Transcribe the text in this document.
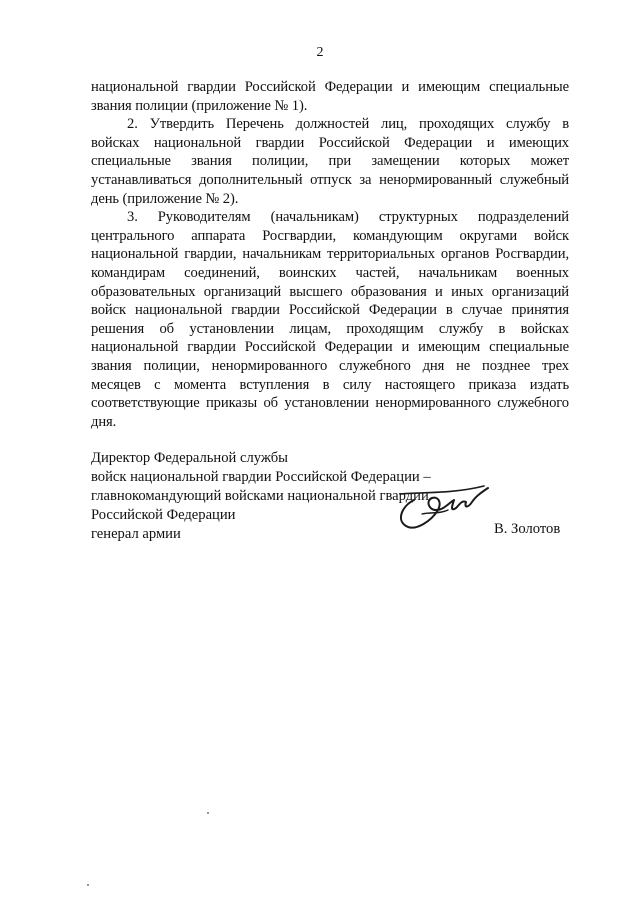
2
национальной гвардии Российской Федерации и имеющим специальные
звания полиции (приложение № 1).
2. Утвердить Перечень должностей лиц, проходящих службу в
войсках национальной гвардии Российской Федерации и имеющих
специальные звания полиции, при замещении которых может
устанавливаться дополнительный отпуск за ненормированный служебный
день (приложение № 2).
3. Руководителям (начальникам) структурных подразделений
центрального аппарата Росгвардии, командующим округами войск
национальной гвардии, начальникам территориальных органов Росгвардии,
командирам соединений, воинских частей, начальникам военных
образовательных организаций высшего образования и иных организаций
войск национальной гвардии Российской Федерации в случае принятия
решения об установлении лицам, проходящим службу в войсках
национальной гвардии Российской Федерации и имеющим специальные
звания полиции, ненормированного служебного дня не позднее трех
месяцев с момента вступления в силу настоящего приказа издать
соответствующие приказы об установлении ненормированного служебного
дня.
Директор Федеральной службы
войск национальной гвардии Российской Федерации –
главнокомандующий войсками национальной гвардии
Российской Федерации
генерал армии	В. Золотов
